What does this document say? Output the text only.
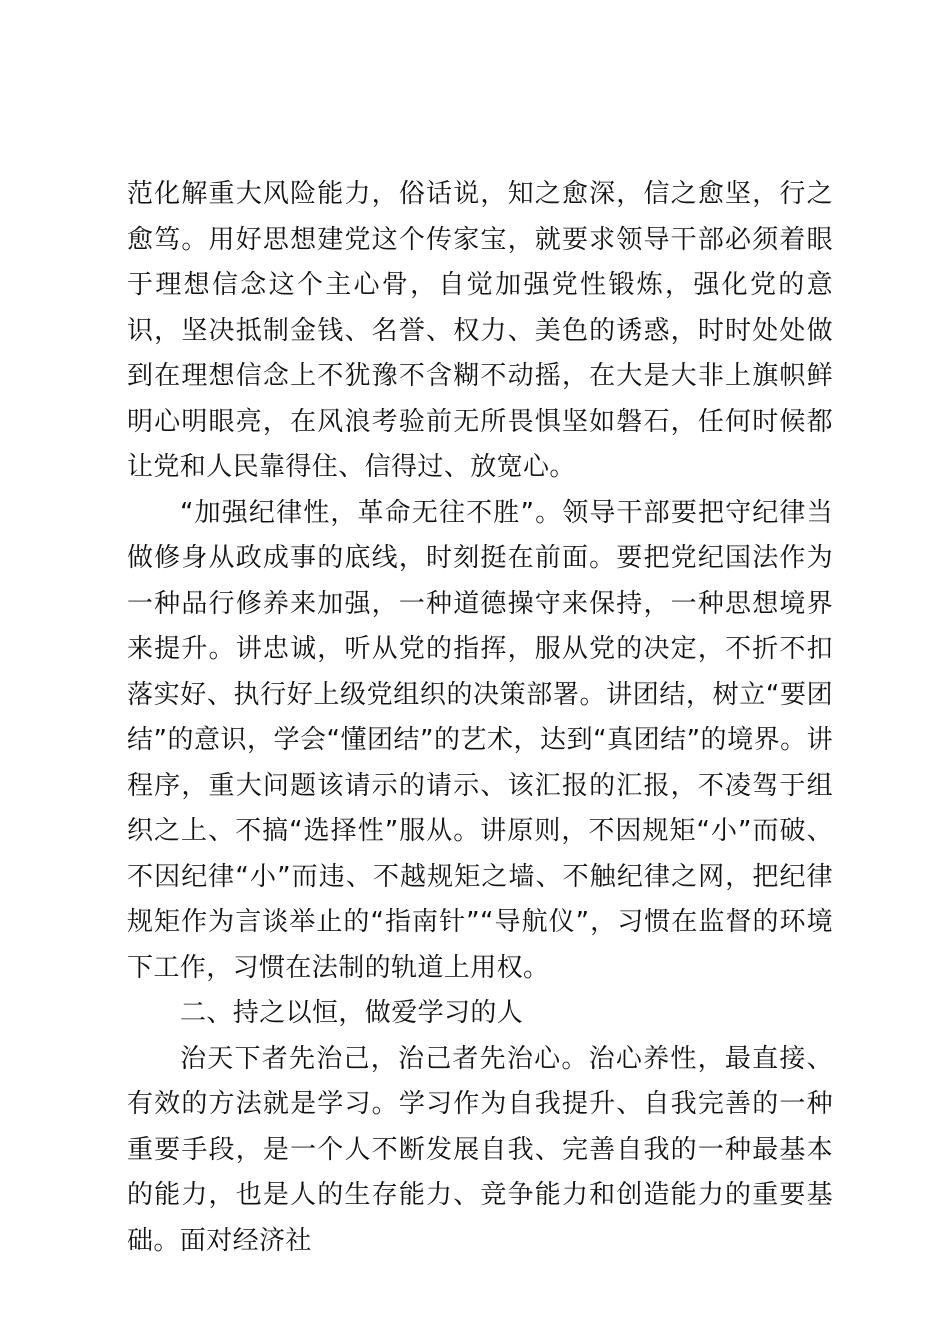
范化解重大风险能力，俗话说，知之愈深，信之愈坚，行之愈笃。用好思想建党这个传家宝，就要求领导干部必须着眼于理想信念这个主心骨，自觉加强党性锻炼，强化党的意识，坚决抵制金钱、名誉、权力、美色的诱惑，时时处处做到在理想信念上不犹豫不含糊不动摇，在大是大非上旗帜鲜明心明眼亮，在风浪考验前无所畏惧坚如磐石，任何时候都让党和人民靠得住、信得过、放宽心。

“加强纪律性，革命无往不胜”。领导干部要把守纪律当做修身从政成事的底线，时刻挺在前面。要把党纪国法作为一种品行修养来加强，一种道德操守来保持，一种思想境界来提升。讲忠诚，听从党的指挥，服从党的决定，不折不扣落实好、执行好上级党组织的决策部署。讲团结，树立“要团结”的意识，学会“懂团结”的艺术，达到“真团结”的境界。讲程序，重大问题该请示的请示、该汇报的汇报，不凌驾于组织之上、不搞“选择性”服从。讲原则，不因规矩“小”而破、不因纪律“小”而违、不越规矩之墙、不触纪律之网，把纪律规矩作为言谈举止的“指南针”“导航仪”，习惯在监督的环境下工作，习惯在法制的轨道上用权。

二、持之以恒，做爱学习的人

治天下者先治己，治己者先治心。治心养性，最直接、有效的方法就是学习。学习作为自我提升、自我完善的一种重要手段，是一个人不断发展自我、完善自我的一种最基本的能力，也是人的生存能力、竞争能力和创造能力的重要基础。面对经济社
